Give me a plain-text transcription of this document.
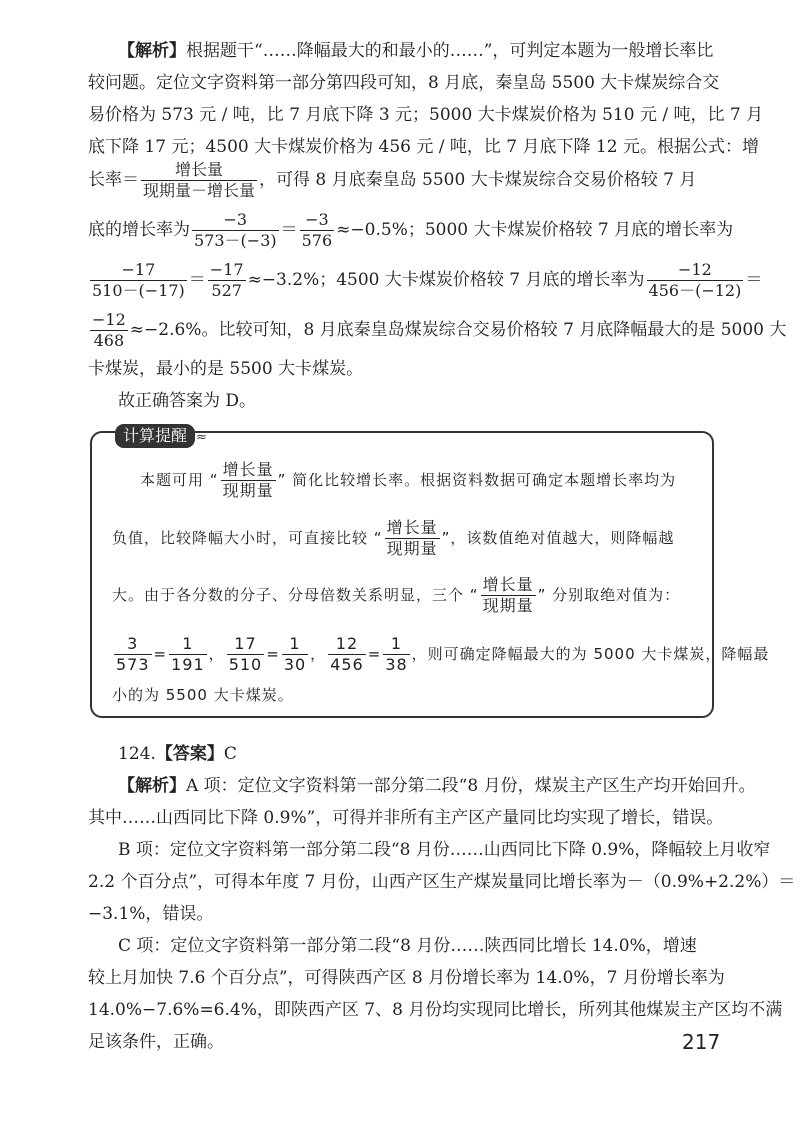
【解析】根据题干“……降幅最大的和最小的……”，可判定本题为一般增长率比
较问题。定位文字资料第一部分第四段可知，8 月底，秦皇岛 5500 大卡煤炭综合交
易价格为 573 元 / 吨，比 7 月底下降 3 元；5000 大卡煤炭价格为 510 元 / 吨，比 7 月
底下降 17 元；4500 大卡煤炭价格为 456 元 / 吨，比 7 月底下降 12 元。根据公式：增
长率＝ $\frac{\text{增长量}}{\text{现期量－增长量}}$ ，可得 8 月底秦皇岛 5500 大卡煤炭综合交易价格较 7 月
底的增长率为 $\frac{-3}{573-(-3)} = \frac{-3}{576} \approx-0.5\%$；5000 大卡煤炭价格较 7 月底的增长率为
$\frac{-17}{510-(-17)} = \frac{-17}{527} \approx-3.2\%$；4500 大卡煤炭价格较 7 月底的增长率为 $\frac{-12}{456-(-12)}$ ＝
$\frac{-12}{468} \approx-2.6\%$。比较可知，8 月底秦皇岛煤炭综合交易价格较 7 月底降幅最大的是 5000 大
卡煤炭，最小的是 5500 大卡煤炭。
故正确答案为 D。
计算提醒 ≈
本题可用 “ $\frac{\text{增长量}}{\text{现期量}}$ ” 简化比较增长率。根据资料数据可确定本题增长率均为
负值，比较降幅大小时，可直接比较 “ $\frac{\text{增长量}}{\text{现期量}}$ ”，该数值绝对值越大，则降幅越
大。由于各分数的分子、分母倍数关系明显，三个 “ $\frac{\text{增长量}}{\text{现期量}}$ ” 分别取绝对值为：
$\frac{3}{573} = \frac{1}{191}$ ， $\frac{17}{510} = \frac{1}{30}$ ， $\frac{12}{456} = \frac{1}{38}$ ，则可确定降幅最大的为 5000 大卡煤炭，降幅最
小的为 5500 大卡煤炭。
124.【答案】C
【解析】A 项：定位文字资料第一部分第二段“8 月份，煤炭主产区生产均开始回升。
其中……山西同比下降 0.9%”，可得并非所有主产区产量同比均实现了增长，错误。
B 项：定位文字资料第一部分第二段“8 月份……山西同比下降 0.9%，降幅较上月收窄
2.2 个百分点”，可得本年度 7 月份，山西产区生产煤炭量同比增长率为－（0.9%+2.2%）＝
−3.1%，错误。
C 项：定位文字资料第一部分第二段“8 月份……陕西同比增长 14.0%，增速
较上月加快 7.6 个百分点”，可得陕西产区 8 月份增长率为 14.0%，7 月份增长率为
14.0%−7.6%=6.4%，即陕西产区 7、8 月份均实现同比增长，所列其他煤炭主产区均不满
足该条件，正确。	217
